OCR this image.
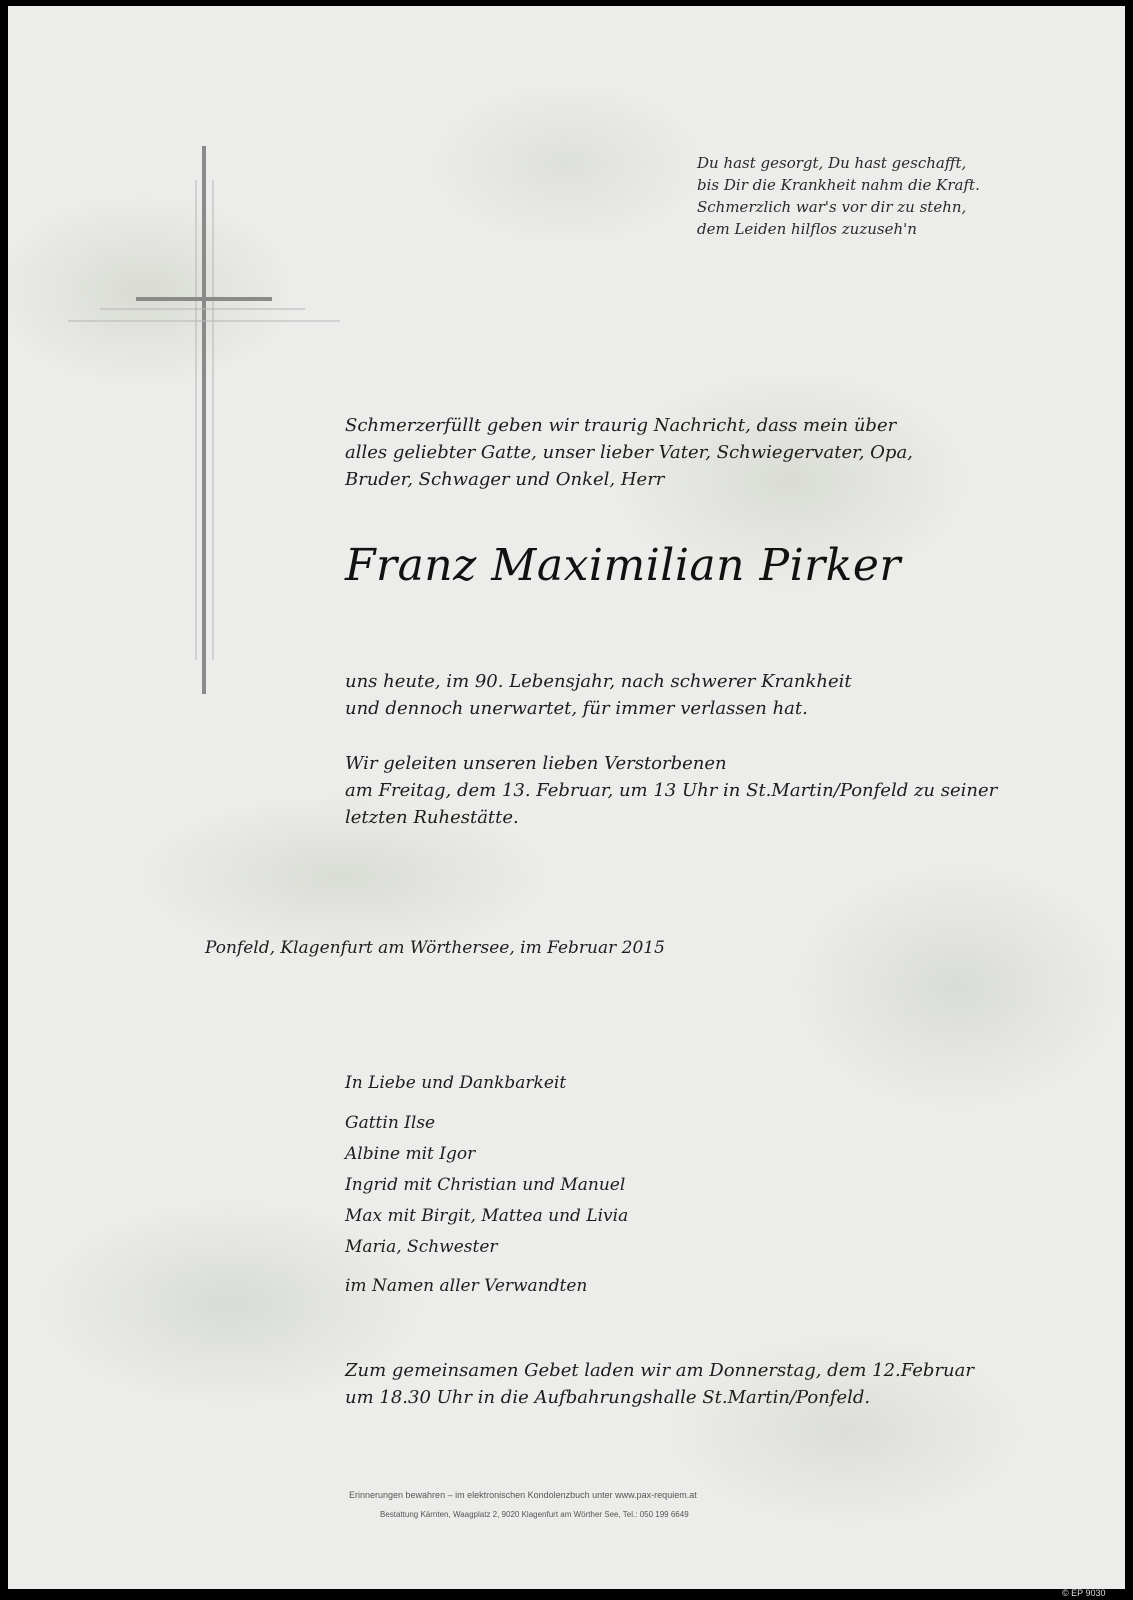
Du hast gesorgt, Du hast geschafft,
bis Dir die Krankheit nahm die Kraft.
Schmerzlich war's vor dir zu stehn,
dem Leiden hilflos zuzuseh'n
Schmerzerfüllt geben wir traurig Nachricht, dass mein über
alles geliebter Gatte, unser lieber Vater, Schwiegervater, Opa,
Bruder, Schwager und Onkel, Herr
Franz Maximilian Pirker
uns heute, im 90. Lebensjahr, nach schwerer Krankheit
und dennoch unerwartet, für immer verlassen hat.
Wir geleiten unseren lieben Verstorbenen
am Freitag, dem 13. Februar, um 13 Uhr in St.Martin/Ponfeld zu seiner
letzten Ruhestätte.
Ponfeld, Klagenfurt am Wörthersee, im Februar 2015
In Liebe und Dankbarkeit
Gattin Ilse
Albine mit Igor
Ingrid mit Christian und Manuel
Max mit Birgit, Mattea und Livia
Maria, Schwester
im Namen aller Verwandten
Zum gemeinsamen Gebet laden wir am Donnerstag, dem 12.Februar
um 18.30 Uhr in die Aufbahrungshalle St.Martin/Ponfeld.
Erinnerungen bewahren – im elektronischen Kondolenzbuch unter www.pax-requiem.at
Bestattung Kärnten, Waagplatz 2, 9020 Klagenfurt am Wörther See, Tel.: 050 199 6649
© EP 9030
